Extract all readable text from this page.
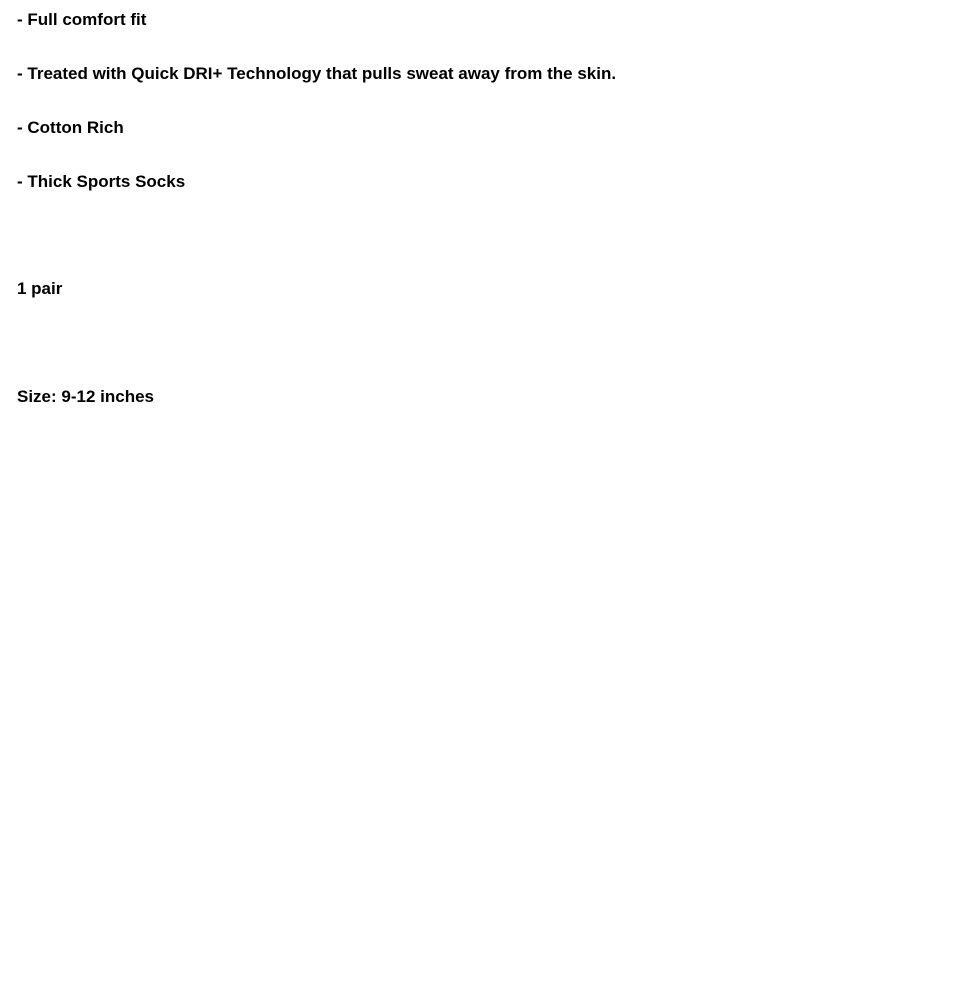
- Full comfort fit
- Treated with Quick DRI+ Technology that pulls sweat away from the skin.
- Cotton Rich
- Thick Sports Socks
1 pair
Size: 9-12 inches
